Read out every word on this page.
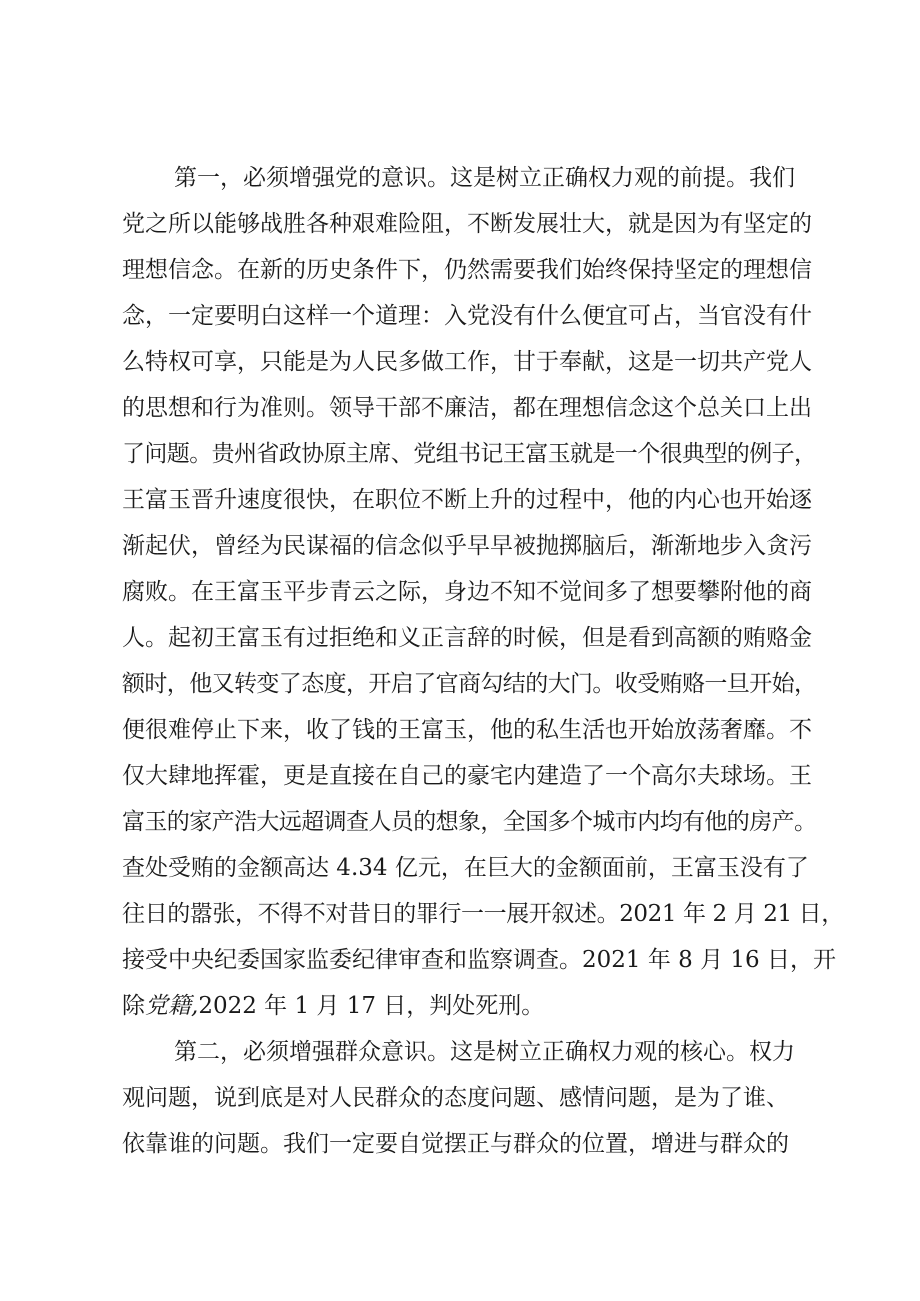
第一，必须增强党的意识。这是树立正确权力观的前提。我们
党之所以能够战胜各种艰难险阻，不断发展壮大，就是因为有坚定的
理想信念。在新的历史条件下，仍然需要我们始终保持坚定的理想信
念，一定要明白这样一个道理：入党没有什么便宜可占，当官没有什
么特权可享，只能是为人民多做工作，甘于奉献，这是一切共产党人
的思想和行为准则。领导干部不廉洁，都在理想信念这个总关口上出
了问题。贵州省政协原主席、党组书记王富玉就是一个很典型的例子，
王富玉晋升速度很快，在职位不断上升的过程中，他的内心也开始逐
渐起伏，曾经为民谋福的信念似乎早早被抛掷脑后，渐渐地步入贪污
腐败。在王富玉平步青云之际，身边不知不觉间多了想要攀附他的商
人。起初王富玉有过拒绝和义正言辞的时候，但是看到高额的贿赂金
额时，他又转变了态度，开启了官商勾结的大门。收受贿赂一旦开始，
便很难停止下来，收了钱的王富玉，他的私生活也开始放荡奢靡。不
仅大肆地挥霍，更是直接在自己的豪宅内建造了一个高尔夫球场。王
富玉的家产浩大远超调查人员的想象，全国多个城市内均有他的房产。
查处受贿的金额高达 4.34 亿元，在巨大的金额面前，王富玉没有了
往日的嚣张，不得不对昔日的罪行一一展开叙述。2021 年 2 月 21 日，
接受中央纪委国家监委纪律审查和监察调查。2021 年 8 月 16 日，开
除党籍,2022 年 1 月 17 日，判处死刑。
第二，必须增强群众意识。这是树立正确权力观的核心。权力
观问题，说到底是对人民群众的态度问题、感情问题，是为了谁、
依靠谁的问题。我们一定要自觉摆正与群众的位置，增进与群众的
